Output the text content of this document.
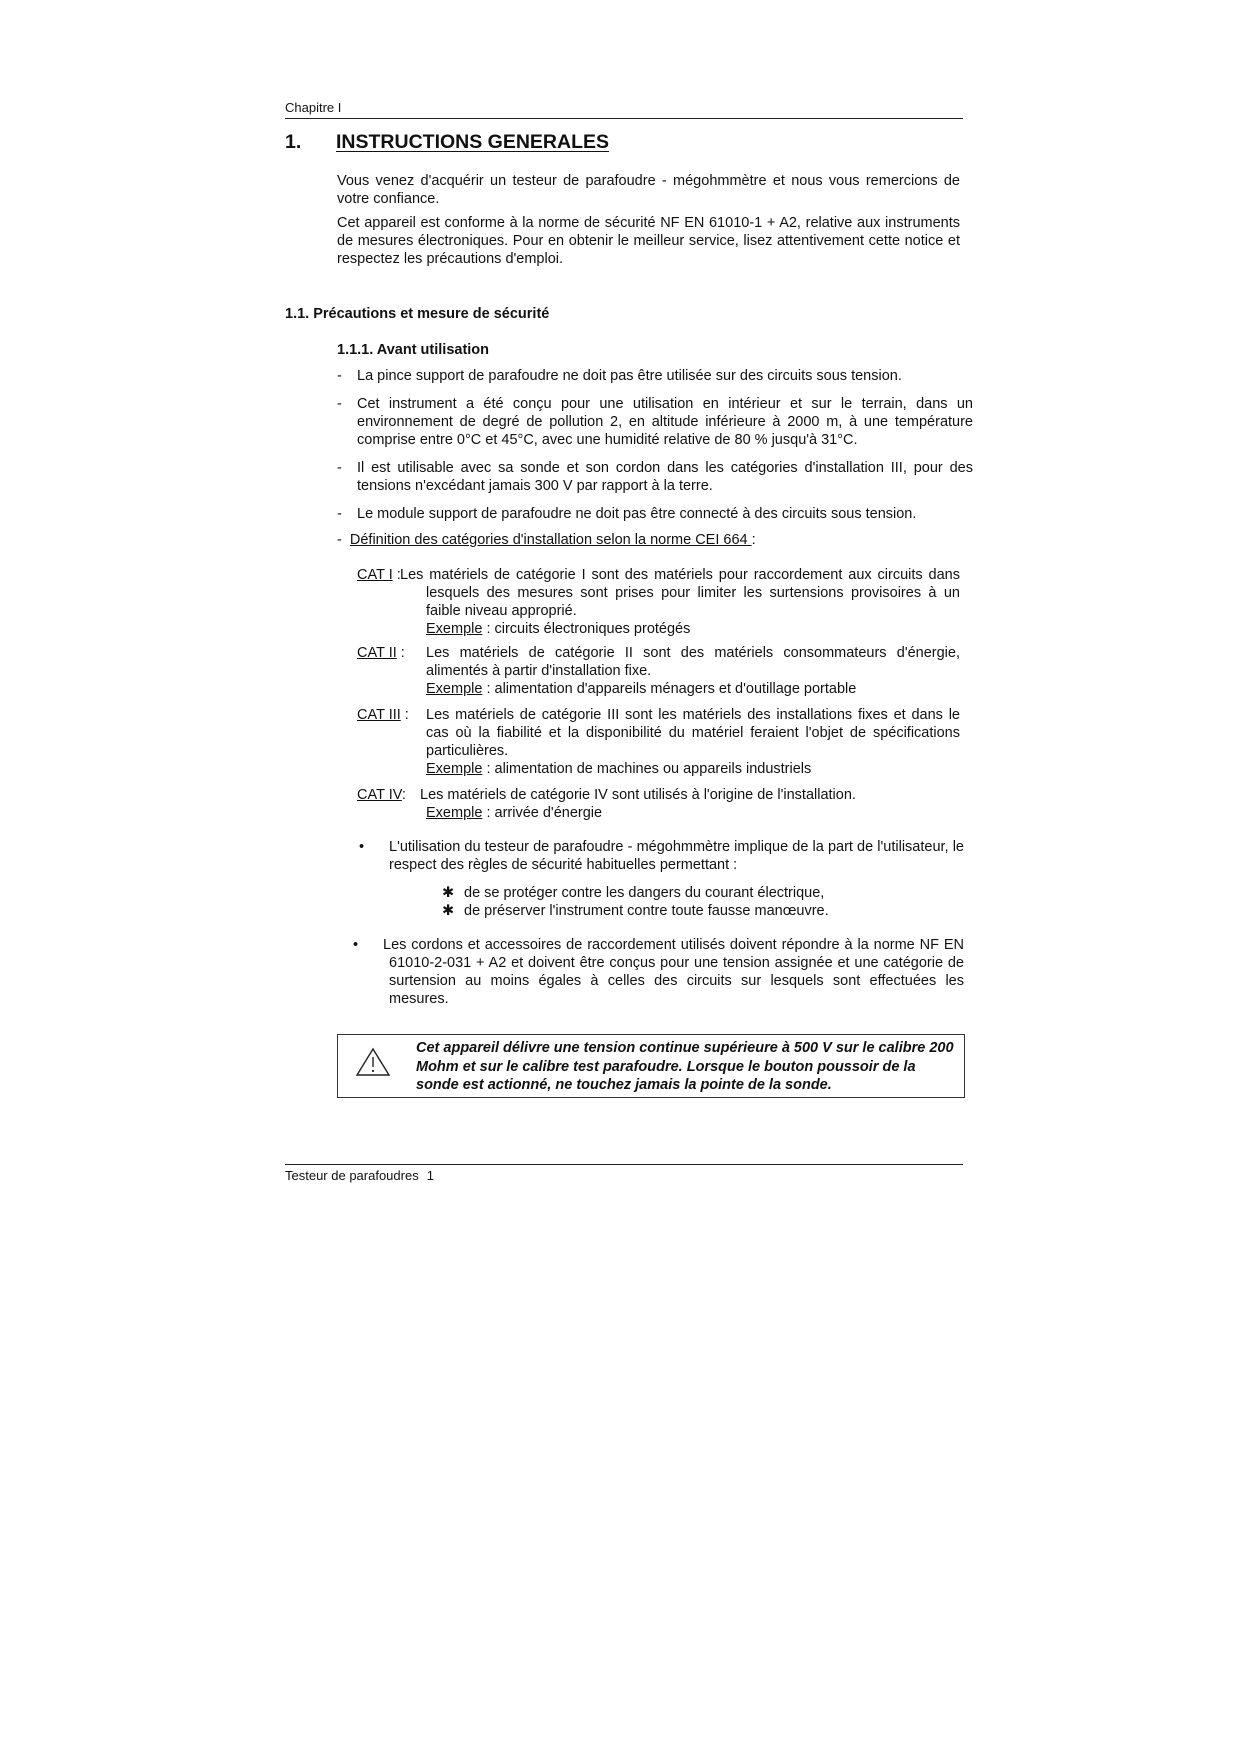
Chapitre I
1. INSTRUCTIONS GENERALES

Vous venez d'acquérir un testeur de parafoudre - mégohmmètre et nous vous remercions de votre confiance.

Cet appareil est conforme à la norme de sécurité NF EN 61010-1 + A2, relative aux instruments de mesures électroniques. Pour en obtenir le meilleur service, lisez attentivement cette notice et respectez les précautions d'emploi.

1.1. Précautions et mesure de sécurité
1.1.1. Avant utilisation
- La pince support de parafoudre ne doit pas être utilisée sur des circuits sous tension.
- Cet instrument a été conçu pour une utilisation en intérieur et sur le terrain, dans un environnement de degré de pollution 2, en altitude inférieure à 2000 m, à une température comprise entre 0°C et 45°C, avec une humidité relative de 80 % jusqu'à 31°C.
- Il est utilisable avec sa sonde et son cordon dans les catégories d'installation III, pour des tensions n'excédant jamais 300 V par rapport à la terre.
- Le module support de parafoudre ne doit pas être connecté à des circuits sous tension.
-  Définition des catégories d'installation selon la norme CEI 664 :
CAT I : Les matériels de catégorie I sont des matériels pour raccordement aux circuits dans lesquels des mesures sont prises pour limiter les surtensions provisoires à un faible niveau approprié.
Exemple : circuits électroniques protégés
CAT II : Les matériels de catégorie II sont des matériels consommateurs d'énergie, alimentés à partir d'installation fixe.
Exemple : alimentation d'appareils ménagers et d'outillage portable
CAT III : Les matériels de catégorie III sont les matériels des installations fixes et dans le cas où la fiabilité et la disponibilité du matériel feraient l'objet de spécifications particulières.
Exemple : alimentation de machines ou appareils industriels
CAT IV: Les matériels de catégorie IV sont utilisés à l'origine de l'installation.
Exemple : arrivée d'énergie
• L'utilisation du testeur de parafoudre - mégohmmètre implique de la part de l'utilisateur, le respect des règles de sécurité habituelles permettant :
✱ de se protéger contre les dangers du courant électrique,
✱ de préserver l'instrument contre toute fausse manœuvre.
• Les cordons et accessoires de raccordement utilisés doivent répondre à la norme NF EN 61010-2-031 + A2 et doivent être conçus pour une tension assignée et une catégorie de surtension au moins égales à celles des circuits sur lesquels sont effectuées les mesures.
Cet appareil délivre une tension continue supérieure à 500 V sur le calibre 200 Mohm et sur le calibre test parafoudre. Lorsque le bouton poussoir de la sonde est actionné, ne touchez jamais la pointe de la sonde.
Testeur de parafoudres 1
